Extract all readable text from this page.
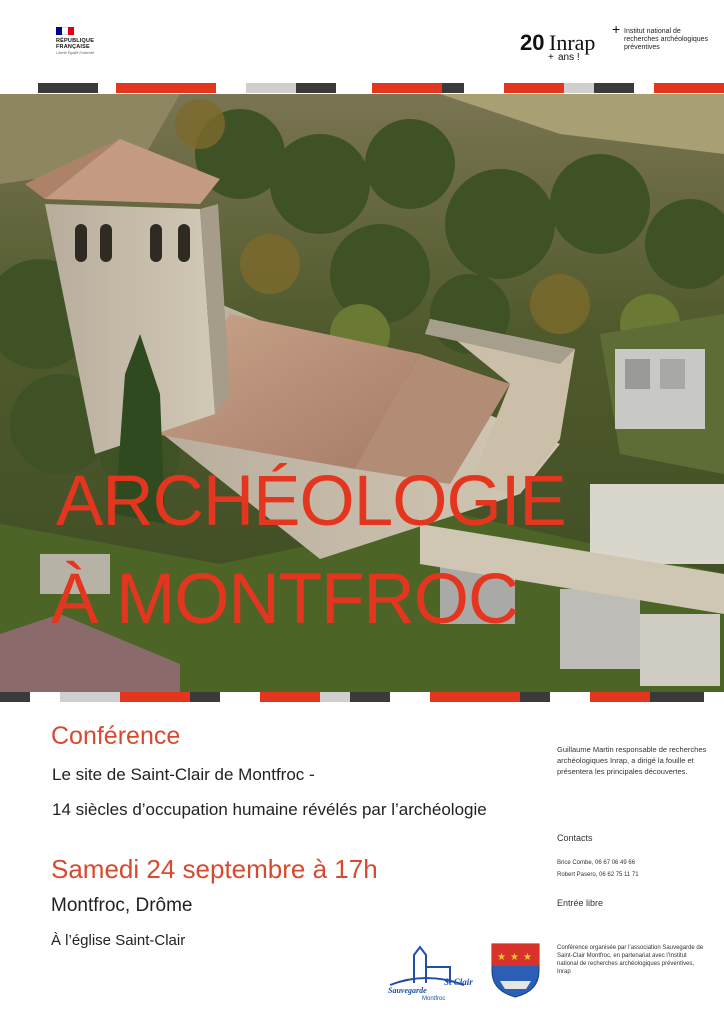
RÉPUBLIQUE
FRANÇAISE
Liberté Égalité Fraternité	20 Inrap
+
+ ans !
Institut national de recherches archéologiques préventives
ARCHÉOLOGIE
À MONTFROC
Conférence
Le site de Saint-Clair de Montfroc -
14 siècles d’occupation humaine révélés par l’archéologie
Samedi 24 septembre à 17h
Montfroc, Drôme
À l’église Saint-Clair
Guillaume Martin responsable de recherches archéologiques Inrap, a dirigé la fouille et présentera les principales découvertes.
Contacts
Brice Combe, 06 67 06 49 66
Robert Pasero, 06 62 75 11 71
Entrée libre
Conférence organisée par l’association Sauvegarde de Saint-Clair Montfroc, en partenariat avec l’Institut national de recherches archéologiques préventives, Inrap
Sauvegarde
St Clair
Montfroc
★ ★ ★
